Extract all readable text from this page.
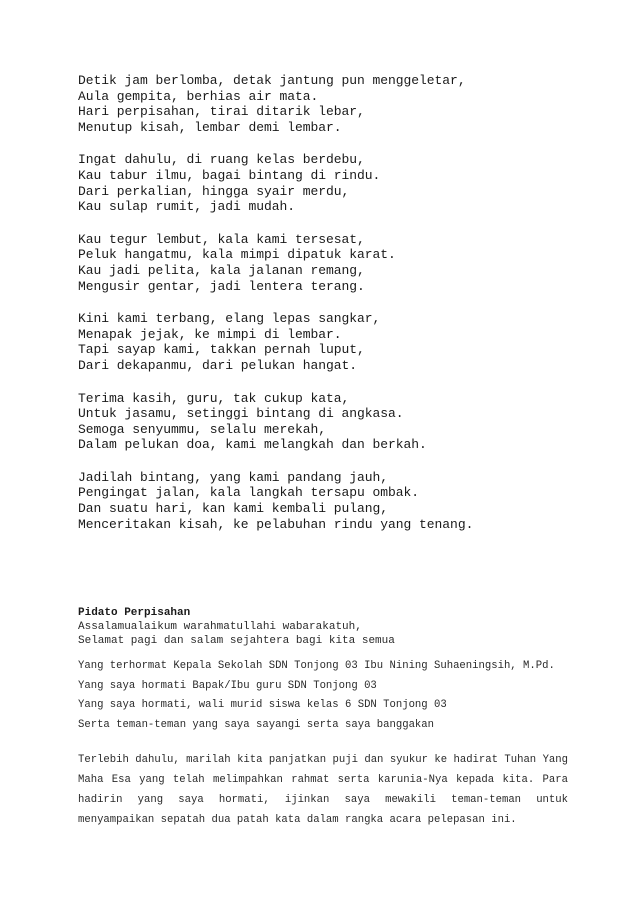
Detik jam berlomba, detak jantung pun menggeletar,
Aula gempita, berhias air mata.
Hari perpisahan, tirai ditarik lebar,
Menutup kisah, lembar demi lembar.
Ingat dahulu, di ruang kelas berdebu,
Kau tabur ilmu, bagai bintang di rindu.
Dari perkalian, hingga syair merdu,
Kau sulap rumit, jadi mudah.
Kau tegur lembut, kala kami tersesat,
Peluk hangatmu, kala mimpi dipatuk karat.
Kau jadi pelita, kala jalanan remang,
Mengusir gentar, jadi lentera terang.
Kini kami terbang, elang lepas sangkar,
Menapak jejak, ke mimpi di lembar.
Tapi sayap kami, takkan pernah luput,
Dari dekapanmu, dari pelukan hangat.
Terima kasih, guru, tak cukup kata,
Untuk jasamu, setinggi bintang di angkasa.
Semoga senyummu, selalu merekah,
Dalam pelukan doa, kami melangkah dan berkah.
Jadilah bintang, yang kami pandang jauh,
Pengingat jalan, kala langkah tersapu ombak.
Dan suatu hari, kan kami kembali pulang,
Menceritakan kisah, ke pelabuhan rindu yang tenang.
Pidato Perpisahan
Assalamualaikum warahmatullahi wabarakatuh,
Selamat pagi dan salam sejahtera bagi kita semua
Yang terhormat Kepala Sekolah SDN Tonjong 03 Ibu Nining Suhaeningsih, M.Pd.
Yang saya hormati Bapak/Ibu guru SDN Tonjong 03
Yang saya hormati, wali murid siswa kelas 6 SDN Tonjong 03
Serta teman-teman yang saya sayangi serta saya banggakan
Terlebih dahulu, marilah kita panjatkan puji dan syukur ke hadirat Tuhan Yang Maha Esa yang telah melimpahkan rahmat serta karunia-Nya kepada kita. Para hadirin yang saya hormati, ijinkan saya mewakili teman-teman untuk menyampaikan sepatah dua patah kata dalam rangka acara pelepasan ini.
